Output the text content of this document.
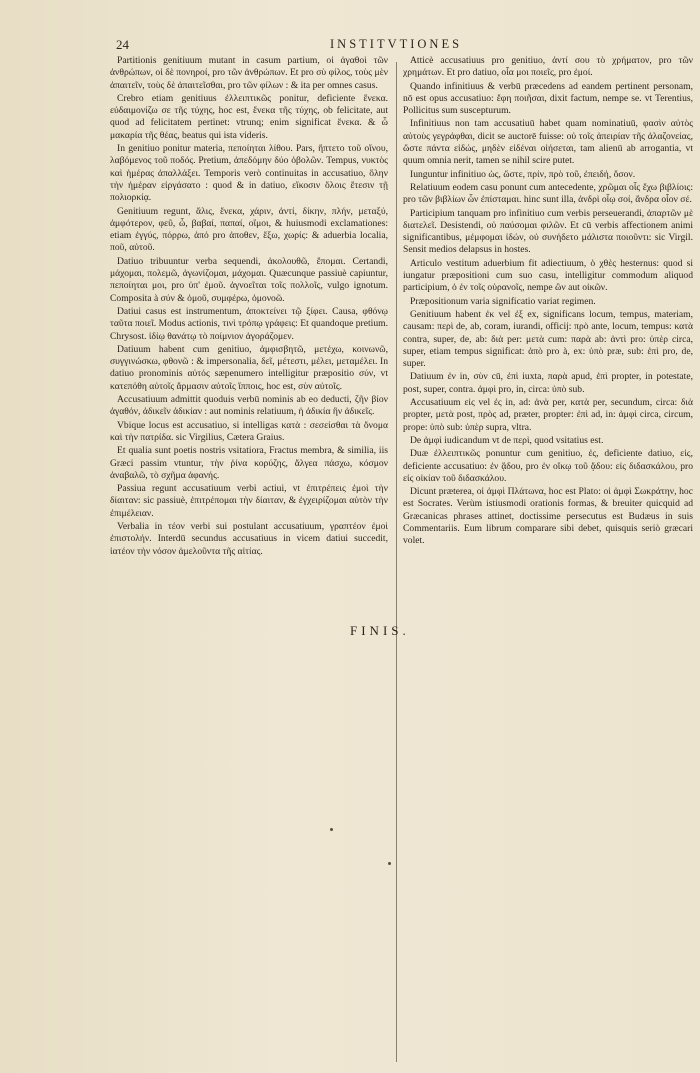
24	INSTITVTIONES

Partitionis genitiuum mutant in casum partium, οἱ ἀγαθοὶ τῶν ἀνθρώπων, οἱ δὲ πονηροί, pro τῶν ἀνθρώπων. Et pro σὺ φίλος, τοὺς μὲν ἀπαιτεῖν, τοὺς δὲ ἀπαιτεῖσθαι, pro τῶν φίλων : & ita per omnes casus.

Crebro etiam genitiuus ἐλλειπτικῶς ponitur, deficiente ἕνεκα. εὐδαιμονίζω σε τῆς τύχης, hoc est, ἕνεκα τῆς τύχης, ob felicitate, aut quod ad felicitatem pertinet: vtrunq; enim significat ἕνεκα. & ὦ μακαρία τῆς θέας, beatus qui ista videris.

In genitiuo ponitur materia, πεποίηται λίθου. Pars, ἥπτετο τοῦ οἴνου, λαβόμενος τοῦ ποδός. Pretium, ἀπεδόμην δύο ὀβολῶν. Tempus, νυκτὸς καὶ ἡμέρας ἀπαλλάξει. Temporis verò continuitas in accusatiuo, ὅλην τὴν ἡμέραν εἰργάσατο : quod & in datiuo, εἴκοσιν ὅλοις ἔτεσιν τῇ πολιορκίᾳ.

Genitiuum regunt, ἄλις, ἕνεκα, χάριν, ἀντί, δίκην, πλήν, μεταξύ, ἀμφότερον, φεῦ, ὦ, βαβαί, παπαί, οἴμοι, & huiusmodi exclamationes: etiam ἐγγύς, πόρρω, ἀπό pro ἀποθεν, ἔξω, χωρίς: & aduerbia localia, ποῦ, αὐτοῦ.

Datiuo tribuuntur verba sequendi, ἀκολουθῶ, ἕπομαι. Certandi, μάχομαι, πολεμῶ, ἀγωνίζομαι, μάχομαι. Quæcunque passiuè capiuntur, πεποίηται μοι, pro ὑπ' ἐμοῦ. ἀγνοεῖται τοῖς πολλοῖς, vulgo ignotum. Composita à σύν & ὁμοῦ, συμφέρω, ὁμονοῶ.

Datiui casus est instrumentum, ἀποκτείνει τῷ ξίφει. Causa, φθόνῳ ταῦτα ποιεῖ. Modus actionis, τινὶ τρόπῳ γράφεις: Et quandoque pretium. Chrysost. ἰδίῳ θανάτῳ τὸ ποίμνιον ἀγοράζομεν.

Datiuum habent cum genitiuo, ἀμφισβητῶ, μετέχω, κοινωνῶ, συγγινώσκω, φθονῶ : & impersonalia, δεῖ, μέτεστι, μέλει, μεταμέλει. In datiuo pronominis αὐτός sæpenumero intelligitur præpositio σύν, vt κατεπόθη αὐτοῖς ἄρμασιν αὐτοῖς ἵπποις, hoc est, σὺν αὐτοῖς.

Accusatiuum admittit quoduis verbū nominis ab eo deducti, ζῆν βίον ἀγαθόν, ἀδικεῖν ἀδικίαν : aut nominis relatiuum, ἡ ἀδικία ἣν ἀδικεῖς.

Vbique locus est accusatiuo, si intelligas κατὰ : σεσείσθαι τὰ ὄνομα καὶ τὴν πατρίδα. sic Virgilius, Cætera Graius.

Et qualia sunt poetis nostris vsitatiora, Fractus membra, & similia, iis Græci passim vtuntur, τὴν ῥίνα κορύζης, ἄλγεα πάσχω, κόσμον ἀναβαλῶ, τὸ σχῆμα ἀφανής.

Passiua regunt accusatiuum verbi actiui, vt ἐπιτρέπεις ἐμοὶ τὴν δίαιταν: sic passiuè, ἐπιτρέπομαι τὴν δίαιταν, & ἐγχειρίζομαι αὐτὸν τὴν ἐπιμέλειαν.

Verbalia in τέον verbi sui postulant accusatiuum, γραπτέον ἐμοὶ ἐπιστολήν. Interdū secundus accusatiuus in vicem datiui succedit, ἰατέον τὴν νόσον ἀμελοῦντα τῆς αἰτίας.

Atticè accusatiuus pro genitiuo, ἀντί σου τὸ χρήματον, pro τῶν χρημάτων. Et pro datiuo, οἷα μοι ποιεῖς, pro ἐμοί.

Quando infinitiuus & verbū præcedens ad eandem pertinent personam, nō est opus accusatiuo: ἔφη ποιῆσαι, dixit factum, nempe se. vt Terentius, Pollicitus sum suscepturum.

Infinitiuus non tam accusatiuū habet quam nominatiuū, φασὶν αὐτὸς αὐτοὺς γεγράφθαι, dicit se auctorē fuisse: οὐ τοῖς ἀπειρίαν τῆς ἀλαζονείας, ὥστε πάντα εἰδώς, μηδὲν εἰδέναι οἰήσεται, tam alienū ab arrogantia, vt quum omnia nerit, tamen se nihil scire putet.

Iunguntur infinitiuo ὡς, ὥστε, πρίν, πρὸ τοῦ, ἐπειδή, ὅσον.

Relatiuum eodem casu ponunt cum antecedente, χρῶμαι οἷς ἔχω βιβλίοις: pro τῶν βιβλίων ὧν ἐπίσταμαι. hinc sunt illa, ἀνδρὶ οἷῳ σοί, ἄνδρα οἷον σέ.

Participium tanquam pro infinitiuo cum verbis perseuerandi, ἀπαρτῶν μὲ διατελεῖ. Desistendi, οὐ παύσομαι φιλῶν. Et cū verbis affectionem animi significantibus, μέμφομαι ἰδών, οὐ συνήδετο μάλιστα ποιοῦντι: sic Virgil. Sensit medios delapsus in hostes.

Articulo vestitum aduerbium fit adiectiuum, ὁ χθὲς hesternus: quod si iungatur præpositioni cum suo casu, intelligitur commodum aliquod participium, ὁ ἐν τοῖς οὐρανοῖς, nempe ὢν aut οἰκῶν.

Præpositionum varia significatio variat regimen.

Genitiuum habent ἐκ vel ἐξ ex, significans locum, tempus, materiam, causam: περὶ de, ab, coram, iurandi, officij: πρὸ ante, locum, tempus: κατὰ contra, super, de, ab: διὰ per: μετὰ cum: παρὰ ab: ἀντὶ pro: ὑπὲρ circa, super, etiam tempus significat: ἀπὸ pro à, ex: ὑπὸ præ, sub: ἐπὶ pro, de, super.

Datiuum ἐν in, σὺν cū, ἐπὶ iuxta, παρὰ apud, ἐπὶ propter, in potestate, post, super, contra. ἀμφὶ pro, in, circa: ὑπὸ sub.

Accusatiuum εἰς vel ἐς in, ad: ἀνὰ per, κατὰ per, secundum, circa: διὰ propter, μετὰ post, πρὸς ad, præter, propter: ἐπὶ ad, in: ἀμφὶ circa, circum, prope: ὑπὸ sub: ὑπὲρ supra, vltra.

De ἀμφὶ iudicandum vt de περὶ, quod vsitatius est.

Duæ ἐλλειπτικῶς ponuntur cum genitiuo, ἐς, deficiente datiuo, εἰς, deficiente accusatiuo: ἐν ᾅδου, pro ἐν οἴκῳ τοῦ ᾅδου: εἰς διδασκάλου, pro εἰς οἰκίαν τοῦ διδασκάλου.

Dicunt præterea, οἱ ἀμφὶ Πλάτωνα, hoc est Plato: οἱ ἀμφὶ Σωκράτην, hoc est Socrates. Verùm istiusmodi orationis formas, & breuiter quicquid ad Græcanicas phrases attinet, doctissime persecutus est Budæus in suis Commentariis. Eum librum comparare sibi debet, quisquis seriò græcari volet.

FINIS.
